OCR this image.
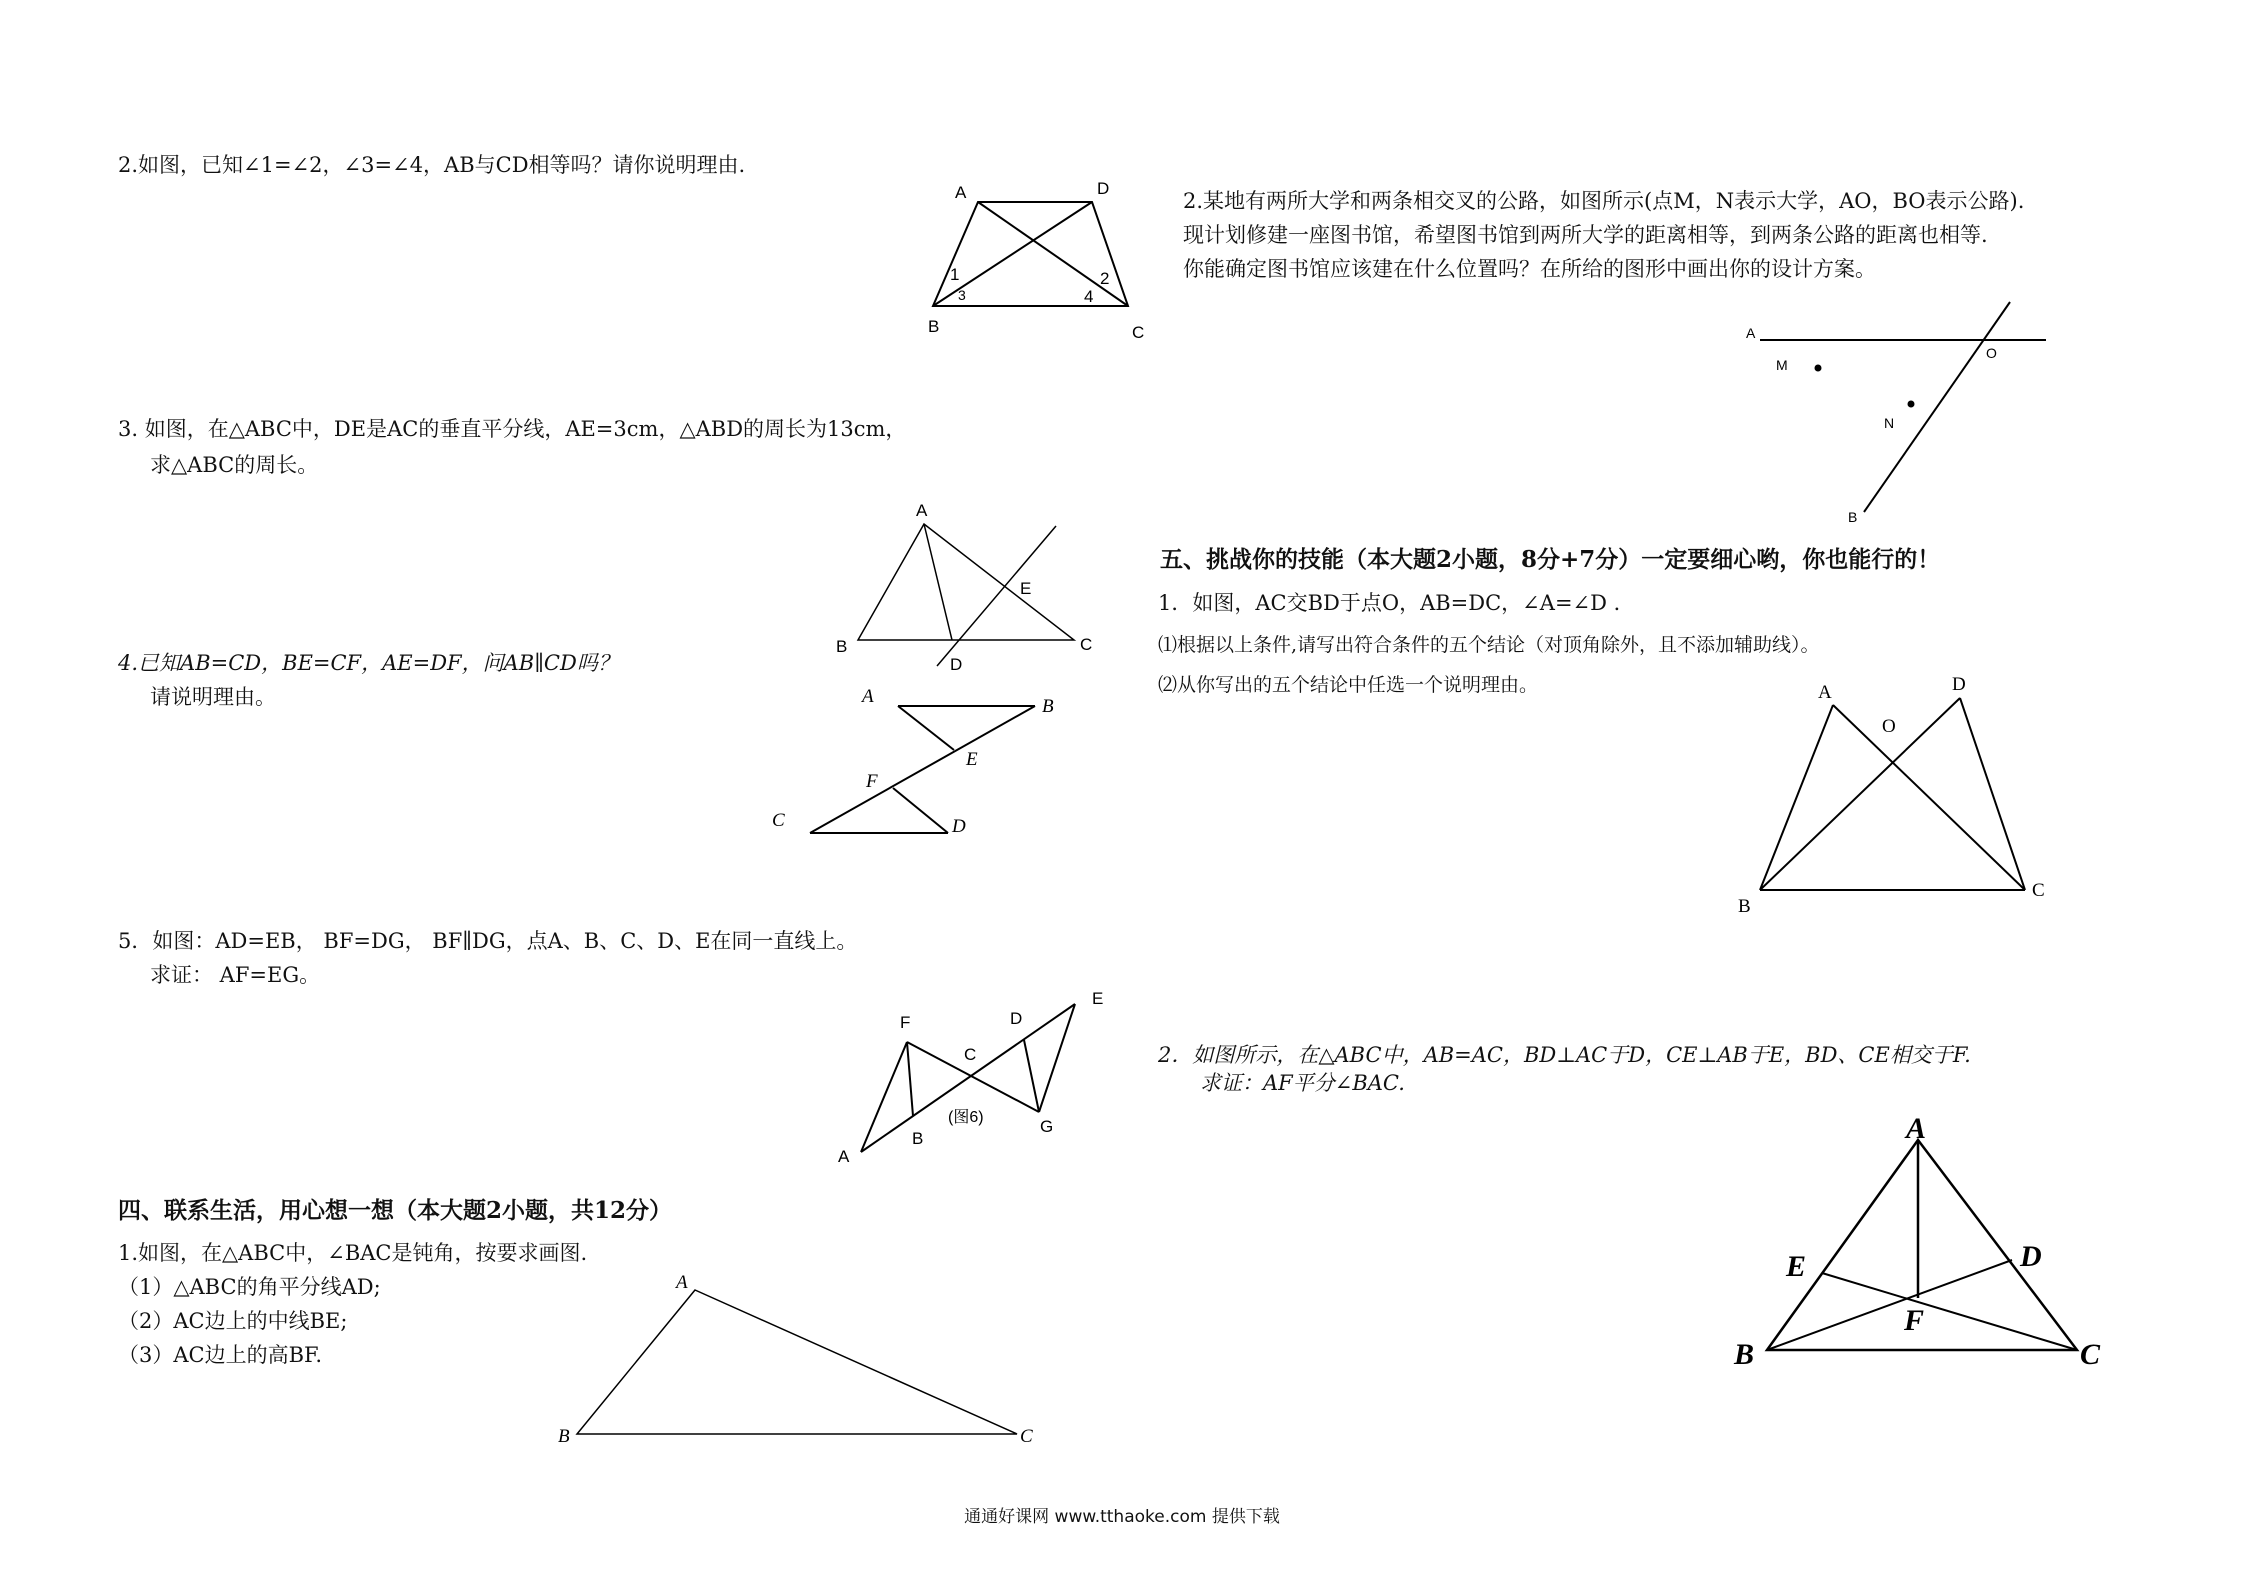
2.如图，已知∠1=∠2，∠3=∠4，AB与CD相等吗？请你说明理由.
3. 如图，在△ABC中，DE是AC的垂直平分线，AE=3cm，△ABD的周长为13cm，
求△ABC的周长。
4.已知AB=CD，BE=CF，AE=DF，问AB∥CD吗？
请说明理由。
5．如图：AD=EB， BF=DG， BF∥DG，点A、B、C、D、E在同一直线上。
求证： AF=EG。
四、联系生活，用心想一想（本大题2小题，共12分）
1.如图，在△ABC中，∠BAC是钝角，按要求画图.
（1）△ABC的角平分线AD;
（2）AC边上的中线BE;
（3）AC边上的高BF.
2.某地有两所大学和两条相交叉的公路，如图所示(点M，N表示大学，AO，BO表示公路).
现计划修建一座图书馆，希望图书馆到两所大学的距离相等，到两条公路的距离也相等.
你能确定图书馆应该建在什么位置吗？在所给的图形中画出你的设计方案。
五、挑战你的技能（本大题2小题，8分+7分）一定要细心哟，你也能行的！
1．如图，AC交BD于点O，AB=DC，∠A=∠D ．
⑴根据以上条件,请写出符合条件的五个结论（对顶角除外，且不添加辅助线）。
⑵从你写出的五个结论中任选一个说明理由。
2．如图所示，在△ABC中，AB=AC，BD⊥AC于D，CE⊥AB于E，BD、CE相交于F.
求证：AF平分∠BAC.
A	D
B	C
1	2
3	4
A
B	C
D
E
A	B
E
F
C	D
F	D
E
C
A
B
G
(图6)
A
B	C
A
M
O
N
B
A
O
D
B
C
A
E	D
F
B	C
通通好课网 www.tthaoke.com 提供下载
